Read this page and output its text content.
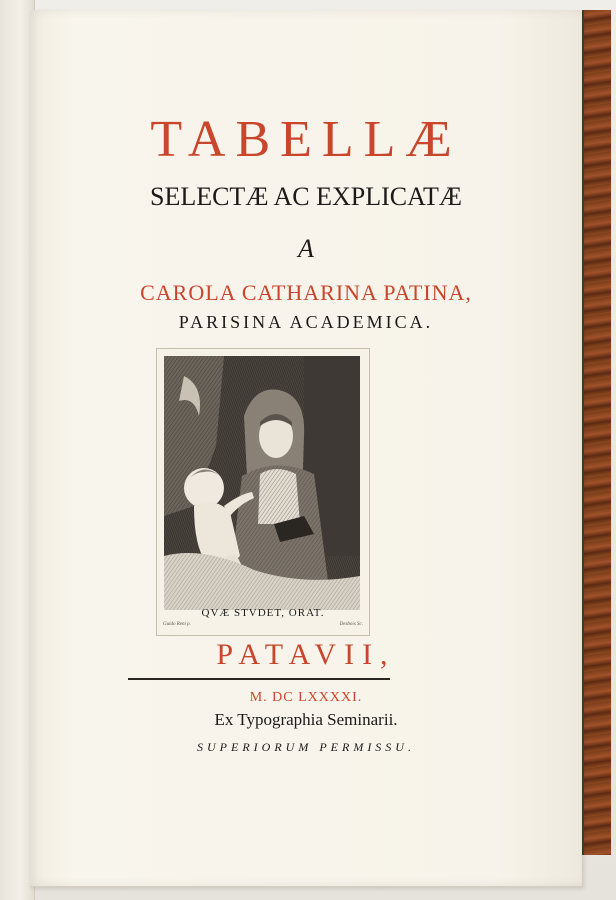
TABELLÆ
SELECTÆ AC EXPLICATÆ
A
CAROLA CATHARINA PATINA,
PARISINA ACADEMICA.
QVÆ STVDET, ORAT.
Guido Reni p.	Desbois Sc.
PATAVII,
M. DC LXXXXI.
Ex Typographia Seminarii.
SUPERIORUM PERMISSU.
